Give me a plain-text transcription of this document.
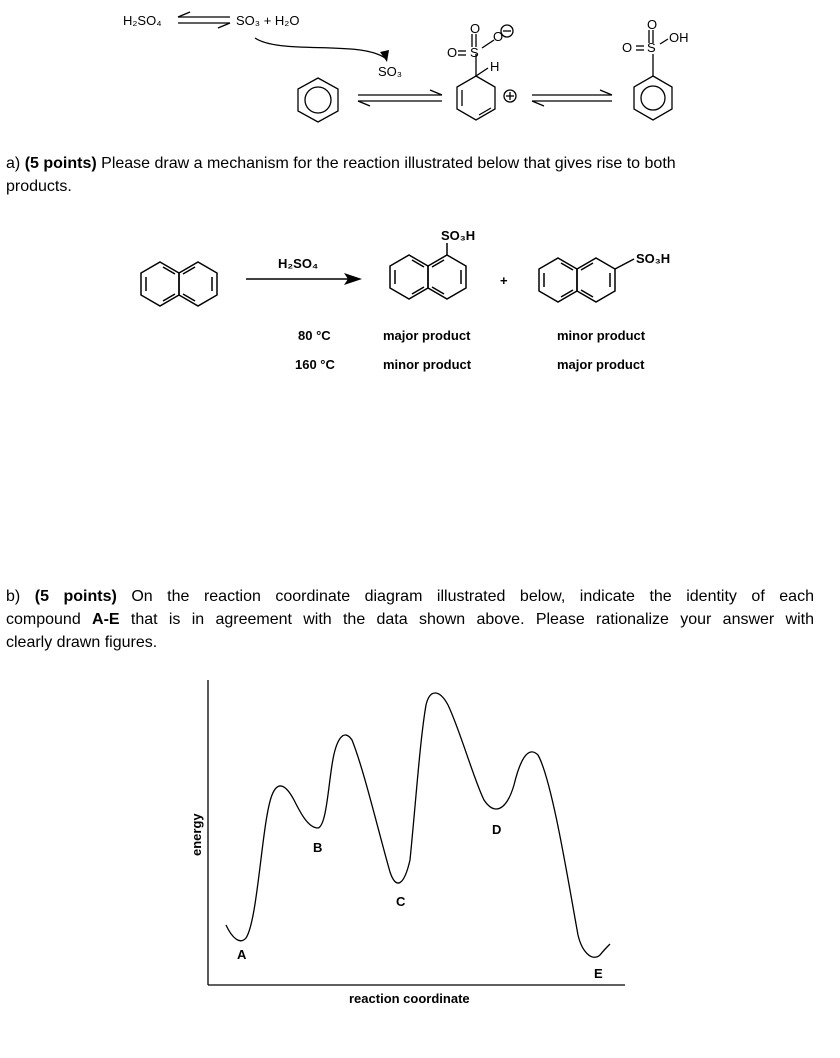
H₂SO₄	SO₃ + H₂O
SO₃
O
O S
O
H
O
O S
OH
a) (5 points) Please draw a mechanism for the reaction illustrated below that gives rise to both
products.
H₂SO₄
SO₃H
+
SO₃H
80 °C	major product	minor product
160 °C	minor product	major product
b) (5 points) On the reaction coordinate diagram illustrated below, indicate the identity of each
compound A-E that is in agreement with the data shown above. Please rationalize your answer with
clearly drawn figures.
energy
reaction coordinate
A
B
C
D
E
